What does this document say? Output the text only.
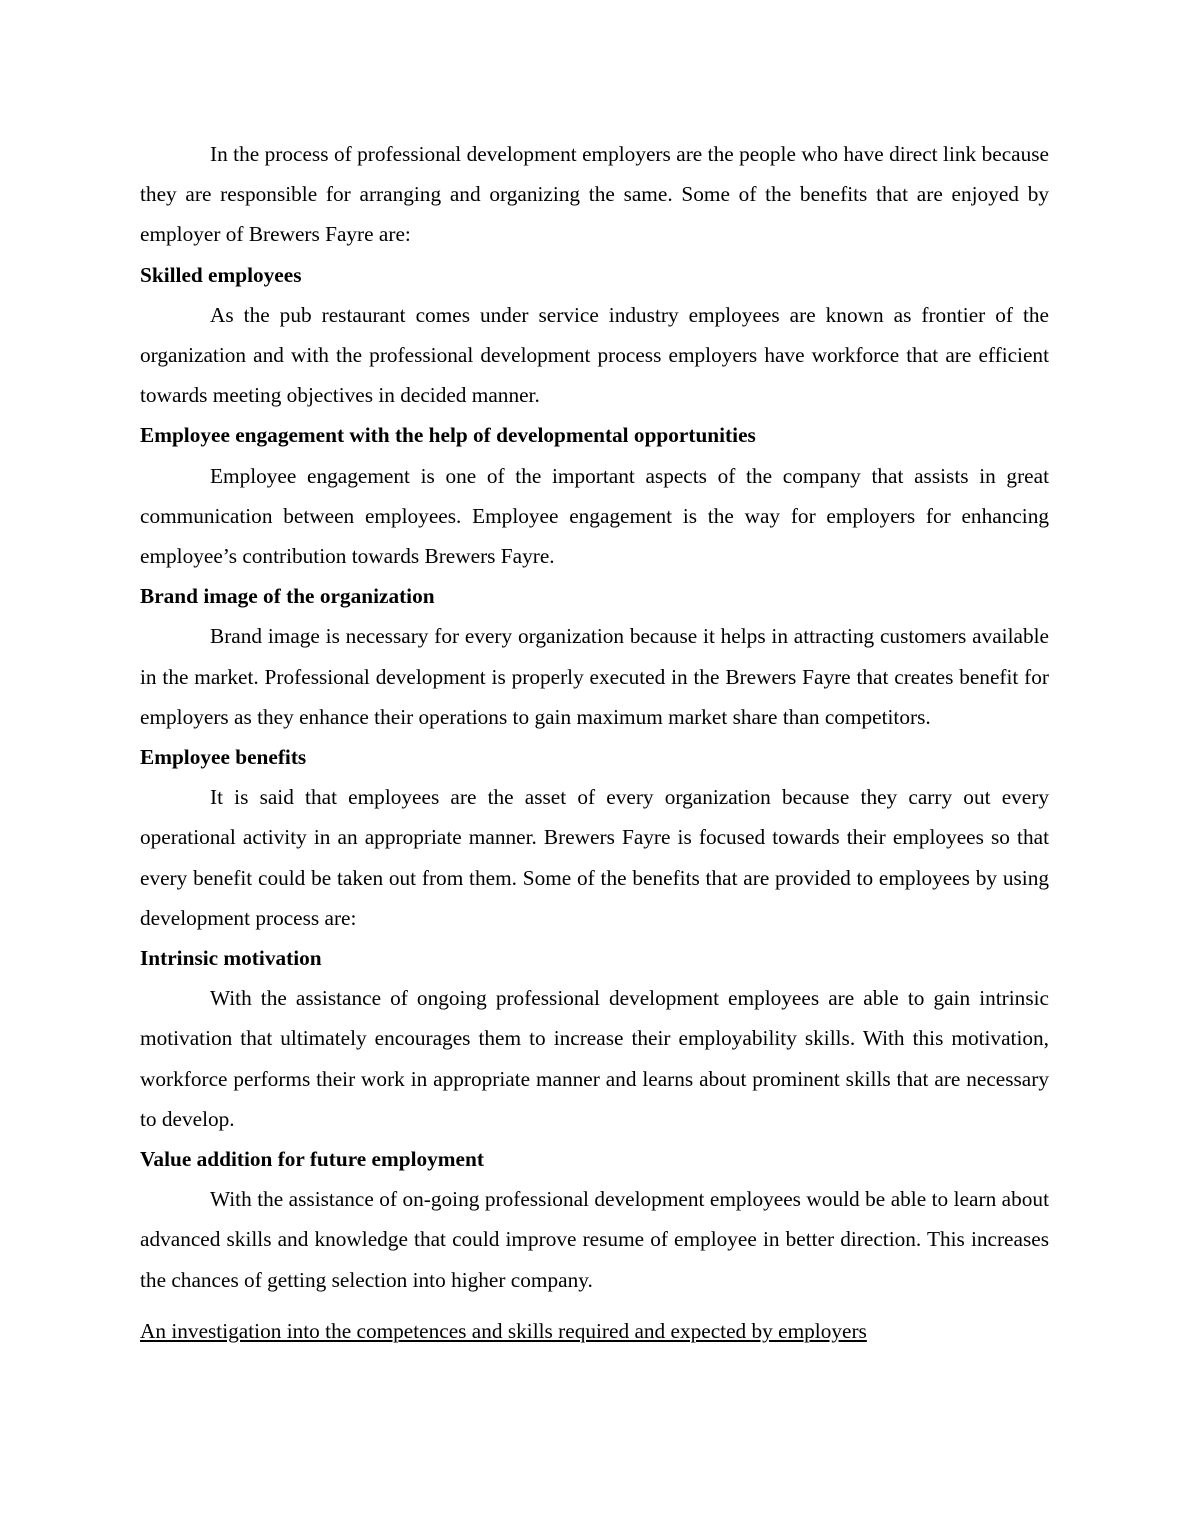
In the process of professional development employers are the people who have direct link because they are responsible for arranging and organizing the same. Some of the benefits that are enjoyed by employer of Brewers Fayre are:

Skilled employees

As the pub restaurant comes under service industry employees are known as frontier of the organization and with the professional development process employers have workforce that are efficient towards meeting objectives in decided manner.

Employee engagement with the help of developmental opportunities

Employee engagement is one of the important aspects of the company that assists in great communication between employees. Employee engagement is the way for employers for enhancing employee’s contribution towards Brewers Fayre.

Brand image of the organization

Brand image is necessary for every organization because it helps in attracting customers available in the market. Professional development is properly executed in the Brewers Fayre that creates benefit for employers as they enhance their operations to gain maximum market share than competitors.

Employee benefits

It is said that employees are the asset of every organization because they carry out every operational activity in an appropriate manner. Brewers Fayre is focused towards their employees so that every benefit could be taken out from them. Some of the benefits that are provided to employees by using development process are:

Intrinsic motivation

With the assistance of ongoing professional development employees are able to gain intrinsic motivation that ultimately encourages them to increase their employability skills. With this motivation, workforce performs their work in appropriate manner and learns about prominent skills that are necessary to develop.

Value addition for future employment

With the assistance of on-going professional development employees would be able to learn about advanced skills and knowledge that could improve resume of employee in better direction. This increases the chances of getting selection into higher company.

An investigation into the competences and skills required and expected by employers
